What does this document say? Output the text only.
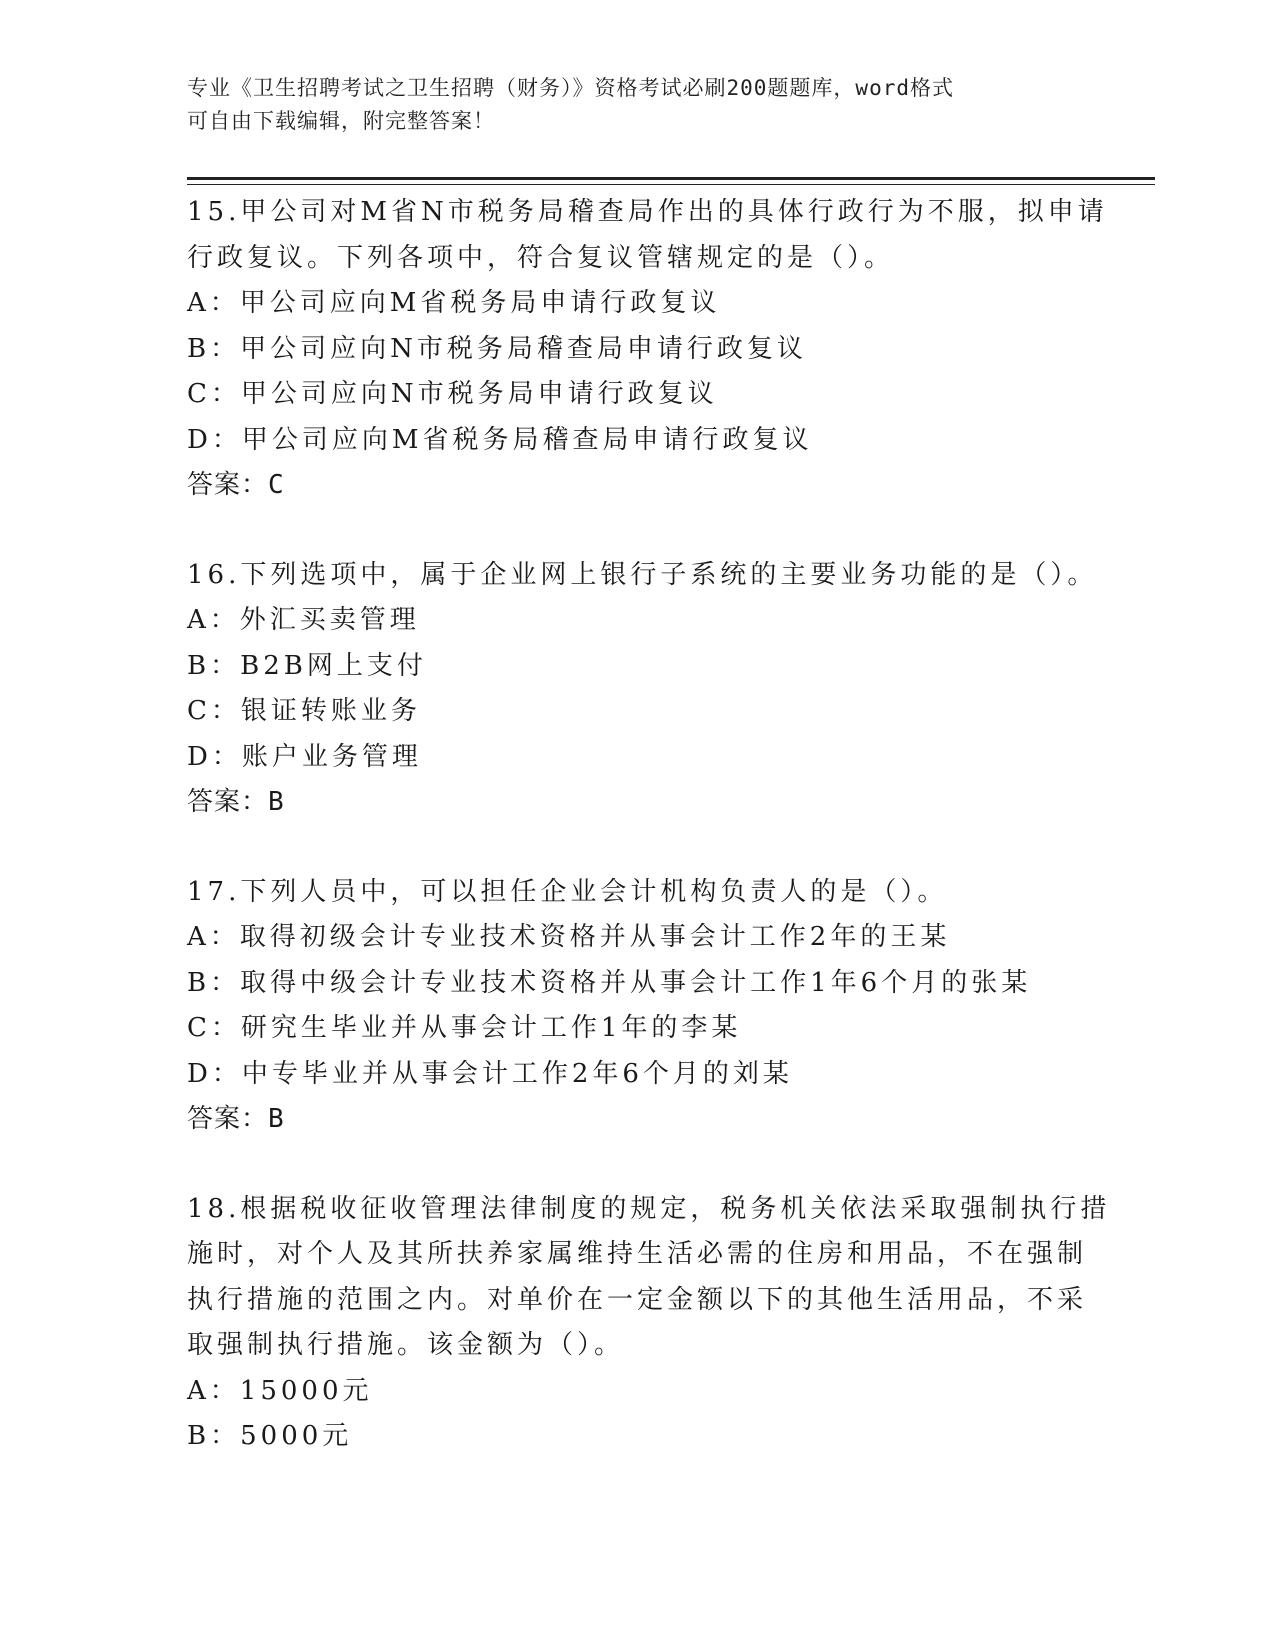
专业《卫生招聘考试之卫生招聘（财务）》资格考试必刷200题题库，word格式
可自由下载编辑，附完整答案！
15.甲公司对M省N市税务局稽查局作出的具体行政行为不服，拟申请
行政复议。下列各项中，符合复议管辖规定的是（）。
A：甲公司应向M省税务局申请行政复议
B：甲公司应向N市税务局稽查局申请行政复议
C：甲公司应向N市税务局申请行政复议
D：甲公司应向M省税务局稽查局申请行政复议
答案：C
16.下列选项中，属于企业网上银行子系统的主要业务功能的是（）。
A：外汇买卖管理
B：B2B网上支付
C：银证转账业务
D：账户业务管理
答案：B
17.下列人员中，可以担任企业会计机构负责人的是（）。
A：取得初级会计专业技术资格并从事会计工作2年的王某
B：取得中级会计专业技术资格并从事会计工作1年6个月的张某
C：研究生毕业并从事会计工作1年的李某
D：中专毕业并从事会计工作2年6个月的刘某
答案：B
18.根据税收征收管理法律制度的规定，税务机关依法采取强制执行措
施时，对个人及其所扶养家属维持生活必需的住房和用品，不在强制
执行措施的范围之内。对单价在一定金额以下的其他生活用品，不采
取强制执行措施。该金额为（）。
A：15000元
B：5000元
